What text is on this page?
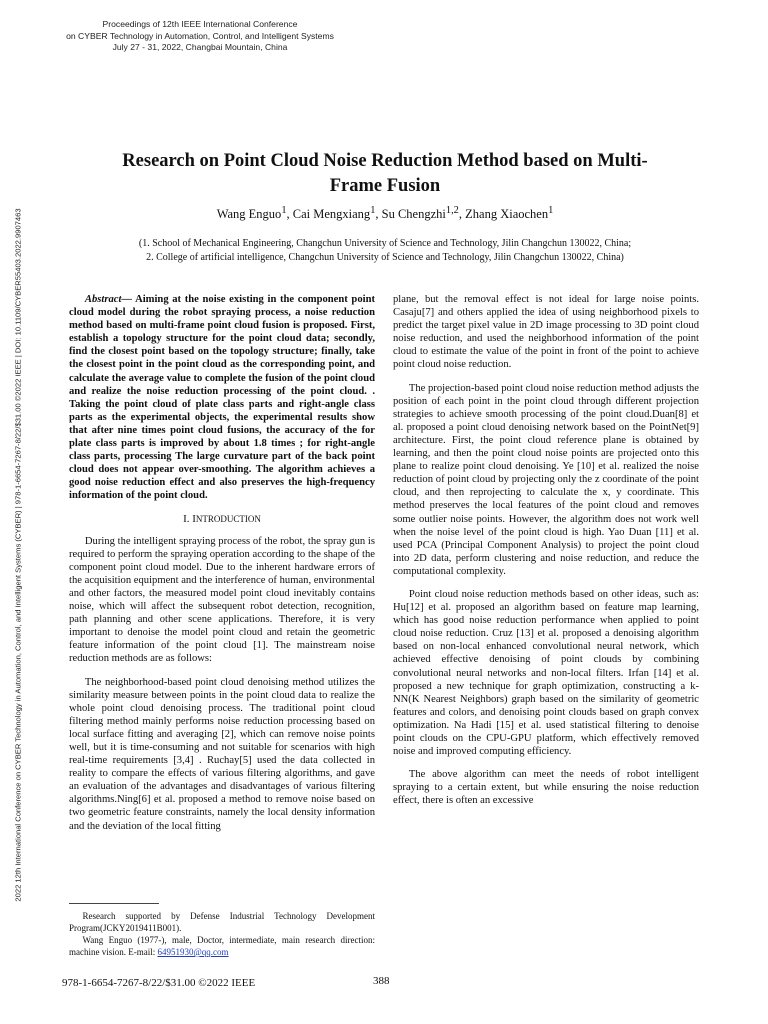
Proceedings of 12th IEEE International Conference
on CYBER Technology in Automation, Control, and Intelligent Systems
July 27 - 31, 2022, Changbai Mountain, China
2022 12th International Conference on CYBER Technology in Automation, Control, and Intelligent Systems (CYBER) | 978-1-6654-7267-8/22/$31.00 ©2022 IEEE | DOI: 10.1109/CYBER55403.2022.9907463
Research on Point Cloud Noise Reduction Method based on Multi-
Frame Fusion
Wang Enguo$^1$, Cai Mengxiang$^1$, Su Chengzhi$^{1,2}$, Zhang Xiaochen$^1$
(1. School of Mechanical Engineering, Changchun University of Science and Technology, Jilin Changchun 130022, China;
2. College of artificial intelligence, Changchun University of Science and Technology, Jilin Changchun 130022, China)

Abstract— Aiming at the noise existing in the component point cloud model during the robot spraying process, a noise reduction method based on multi-frame point cloud fusion is proposed. First, establish a topology structure for the point cloud data; secondly, find the closest point based on the topology structure; finally, take the closest point in the point cloud as the corresponding point, and calculate the average value to complete the fusion of the point cloud and realize the noise reduction processing of the point cloud. . Taking the point cloud of plate class parts and right-angle class parts as the experimental objects, the experimental results show that after nine times point cloud fusions, the accuracy of the for plate class parts is improved by about 1.8 times ; for right-angle class parts, processing The large curvature part of the back point cloud does not appear over-smoothing. The algorithm achieves a good noise reduction effect and also preserves the high-frequency information of the point cloud.

I. INTRODUCTION

During the intelligent spraying process of the robot, the spray gun is required to perform the spraying operation according to the shape of the component point cloud model. Due to the inherent hardware errors of the acquisition equipment and the interference of human, environmental and other factors, the measured model point cloud inevitably contains noise, which will affect the subsequent robot detection, recognition, path planning and other scene applications. Therefore, it is very important to denoise the model point cloud and retain the geometric feature information of the point cloud [1]. The mainstream noise reduction methods are as follows:

The neighborhood-based point cloud denoising method utilizes the similarity measure between points in the point cloud data to realize the whole point cloud denoising process. The traditional point cloud filtering method mainly performs noise reduction processing based on local surface fitting and averaging [2], which can remove noise points well, but it is time-consuming and not suitable for scenarios with high real-time requirements [3,4] . Ruchay[5] used the data collected in reality to compare the effects of various filtering algorithms, and gave an evaluation of the advantages and disadvantages of various filtering algorithms.Ning[6] et al. proposed a method to remove noise based on two geometric feature constraints, namely the local density information and the deviation of the local fitting

plane, but the removal effect is not ideal for large noise points. Casaju[7] and others applied the idea of using neighborhood pixels to predict the target pixel value in 2D image processing to 3D point cloud noise reduction, and used the neighborhood information of the point cloud to estimate the value of the point in front of the point to achieve point cloud noise reduction.

The projection-based point cloud noise reduction method adjusts the position of each point in the point cloud through different projection strategies to achieve smooth processing of the point cloud.Duan[8] et al. proposed a point cloud denoising network based on the PointNet[9] architecture. First, the point cloud reference plane is obtained by learning, and then the point cloud noise points are projected onto this plane to realize point cloud denoising. Ye [10] et al. realized the noise reduction of point cloud by projecting only the z coordinate of the point cloud, and then reprojecting to calculate the x, y coordinate. This method preserves the local features of the point cloud and removes some outlier noise points. However, the algorithm does not work well when the noise level of the point cloud is high. Yao Duan [11] et al. used PCA (Principal Component Analysis) to project the point cloud into 2D data, perform clustering and noise reduction, and reduce the computational complexity.

Point cloud noise reduction methods based on other ideas, such as: Hu[12] et al. proposed an algorithm based on feature map learning, which has good noise reduction performance when applied to point cloud noise reduction. Cruz [13] et al. proposed a denoising algorithm based on non-local enhanced convolutional neural network, which achieved effective denoising of point clouds by combining convolutional neural networks and non-local filters. Irfan [14] et al. proposed a new technique for graph optimization, constructing a k-NN(K Nearest Neighbors) graph based on the similarity of geometric features and colors, and denoising point clouds based on graph convex optimization. Na Hadi [15] et al. used statistical filtering to denoise point clouds on the CPU-GPU platform, which effectively removed noise and improved computing efficiency.

The above algorithm can meet the needs of robot intelligent spraying to a certain extent, but while ensuring the noise reduction effect, there is often an excessive

Research supported by Defense Industrial Technology Development Program(JCKY2019411B001).

Wang Enguo (1977-), male, Doctor, intermediate, main research direction: machine vision. E-mail: 64951930@qq.com

978-1-6654-7267-8/22/$31.00 ©2022 IEEE	388
